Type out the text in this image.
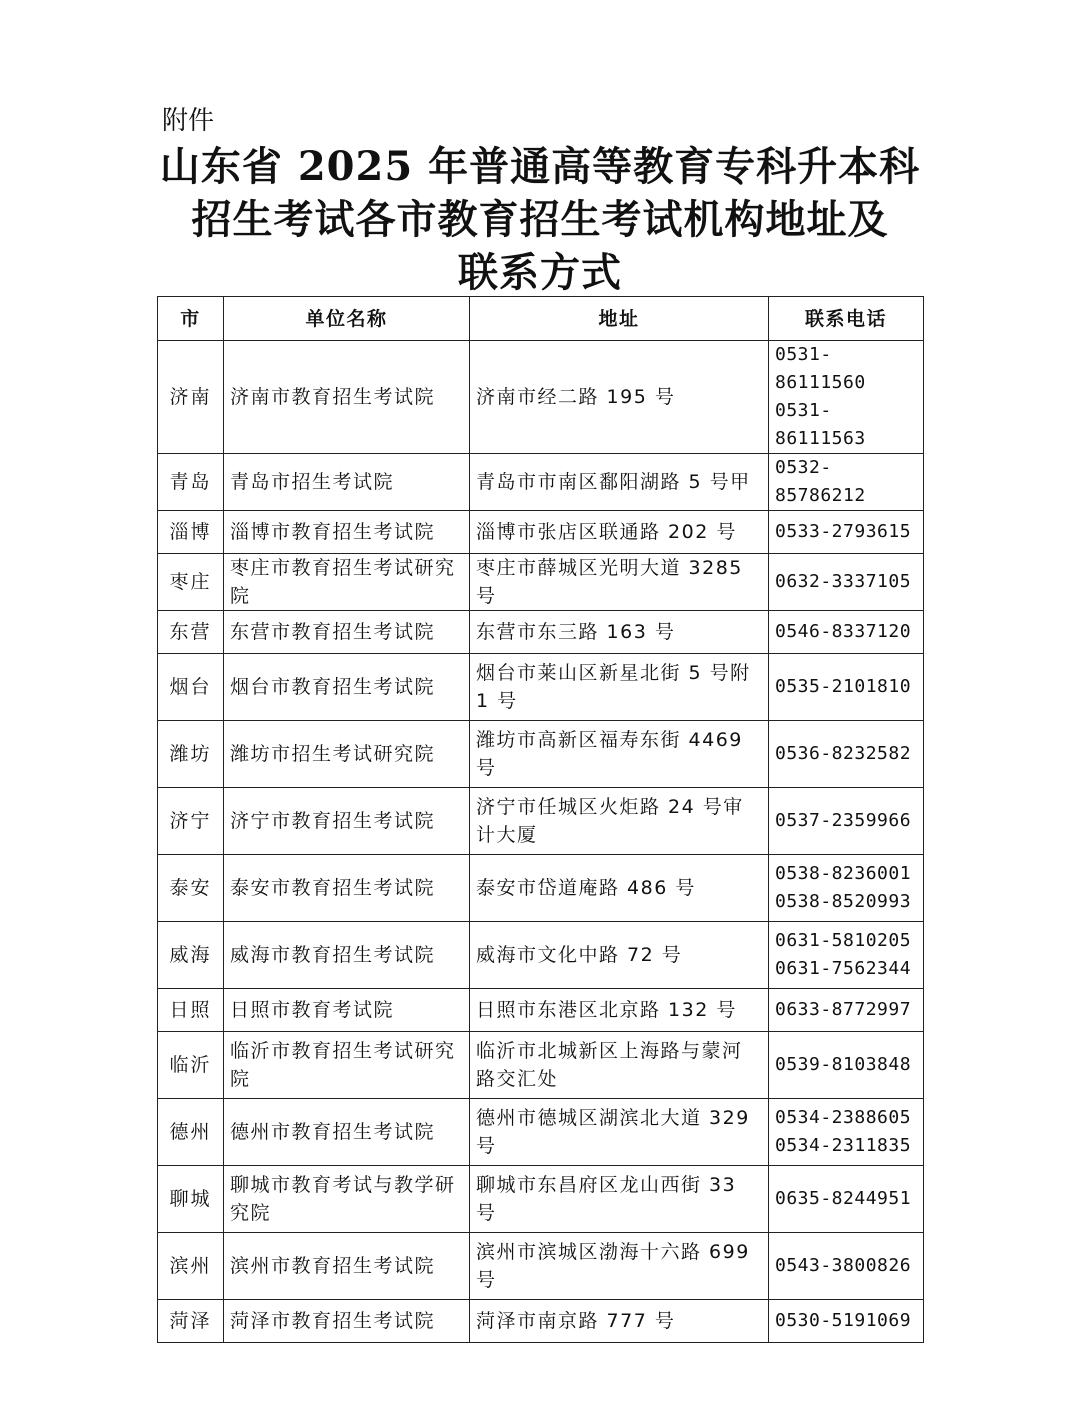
附件
山东省 2025 年普通高等教育专科升本科
招生考试各市教育招生考试机构地址及
联系方式
市	单位名称	地址	联系电话
济南	济南市教育招生考试院	济南市经二路 195 号	0531-86111560
0531-86111563

青岛	青岛市招生考试院	青岛市市南区鄱阳湖路 5 号甲	0532-85786212

淄博	淄博市教育招生考试院	淄博市张店区联通路 202 号	0533-2793615

枣庄	枣庄市教育招生考试研究院	枣庄市薛城区光明大道 3285 号	0632-3337105

东营	东营市教育招生考试院	东营市东三路 163 号	0546-8337120

烟台	烟台市教育招生考试院	烟台市莱山区新星北街 5 号附 1 号	0535-2101810

潍坊	潍坊市招生考试研究院	潍坊市高新区福寿东街 4469 号	0536-8232582

济宁	济宁市教育招生考试院	济宁市任城区火炬路 24 号审计大厦	0537-2359966

泰安	泰安市教育招生考试院	泰安市岱道庵路 486 号	0538-8236001
0538-8520993

威海	威海市教育招生考试院	威海市文化中路 72 号	0631-5810205
0631-7562344

日照	日照市教育考试院	日照市东港区北京路 132 号	0633-8772997

临沂	临沂市教育招生考试研究院	临沂市北城新区上海路与蒙河路交汇处	0539-8103848

德州	德州市教育招生考试院	德州市德城区湖滨北大道 329 号	0534-2388605
0534-2311835

聊城	聊城市教育考试与教学研究院	聊城市东昌府区龙山西街 33 号	0635-8244951

滨州	滨州市教育招生考试院	滨州市滨城区渤海十六路 699 号	0543-3800826

菏泽	菏泽市教育招生考试院	菏泽市南京路 777 号	0530-5191069
